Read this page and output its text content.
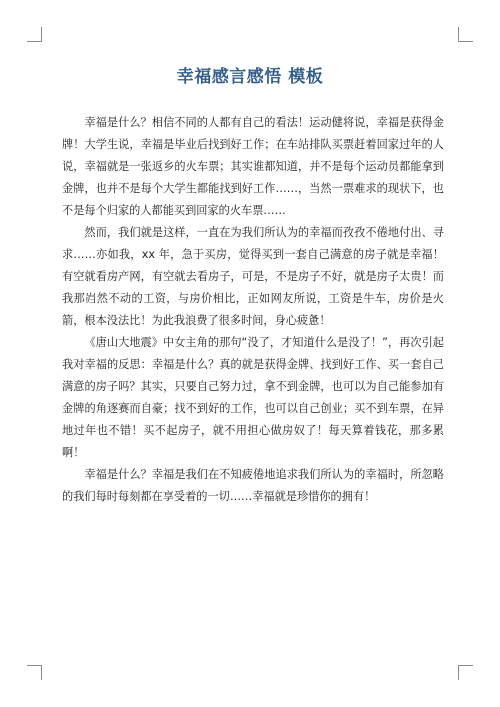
幸福感言感悟 模板

幸福是什么？相信不同的人都有自己的看法！运动健将说，幸福是获得金牌！大学生说，幸福是毕业后找到好工作；在车站排队买票赶着回家过年的人说，幸福就是一张返乡的火车票；其实谁都知道，并不是每个运动员都能拿到金牌，也并不是每个大学生都能找到好工作……，当然一票难求的现状下，也不是每个归家的人都能买到回家的火车票……

然而，我们就是这样，一直在为我们所认为的幸福而孜孜不倦地付出、寻求……亦如我，xx 年，急于买房，觉得买到一套自己满意的房子就是幸福！有空就看房产网，有空就去看房子，可是，不是房子不好，就是房子太贵！而我那岿然不动的工资，与房价相比，正如网友所说，工资是牛车，房价是火箭，根本没法比！为此我浪费了很多时间，身心疲惫！

《唐山大地震》中女主角的那句“没了，才知道什么是没了！”，再次引起我对幸福的反思：幸福是什么？真的就是获得金牌、找到好工作、买一套自己满意的房子吗？其实，只要自己努力过，拿不到金牌，也可以为自己能参加有金牌的角逐赛而自豪；找不到好的工作，也可以自己创业；买不到车票，在异地过年也不错！买不起房子，就不用担心做房奴了！每天算着钱花，那多累啊！

幸福是什么？幸福是我们在不知疲倦地追求我们所认为的幸福时，所忽略的我们每时每刻都在享受着的一切……幸福就是珍惜你的拥有！
